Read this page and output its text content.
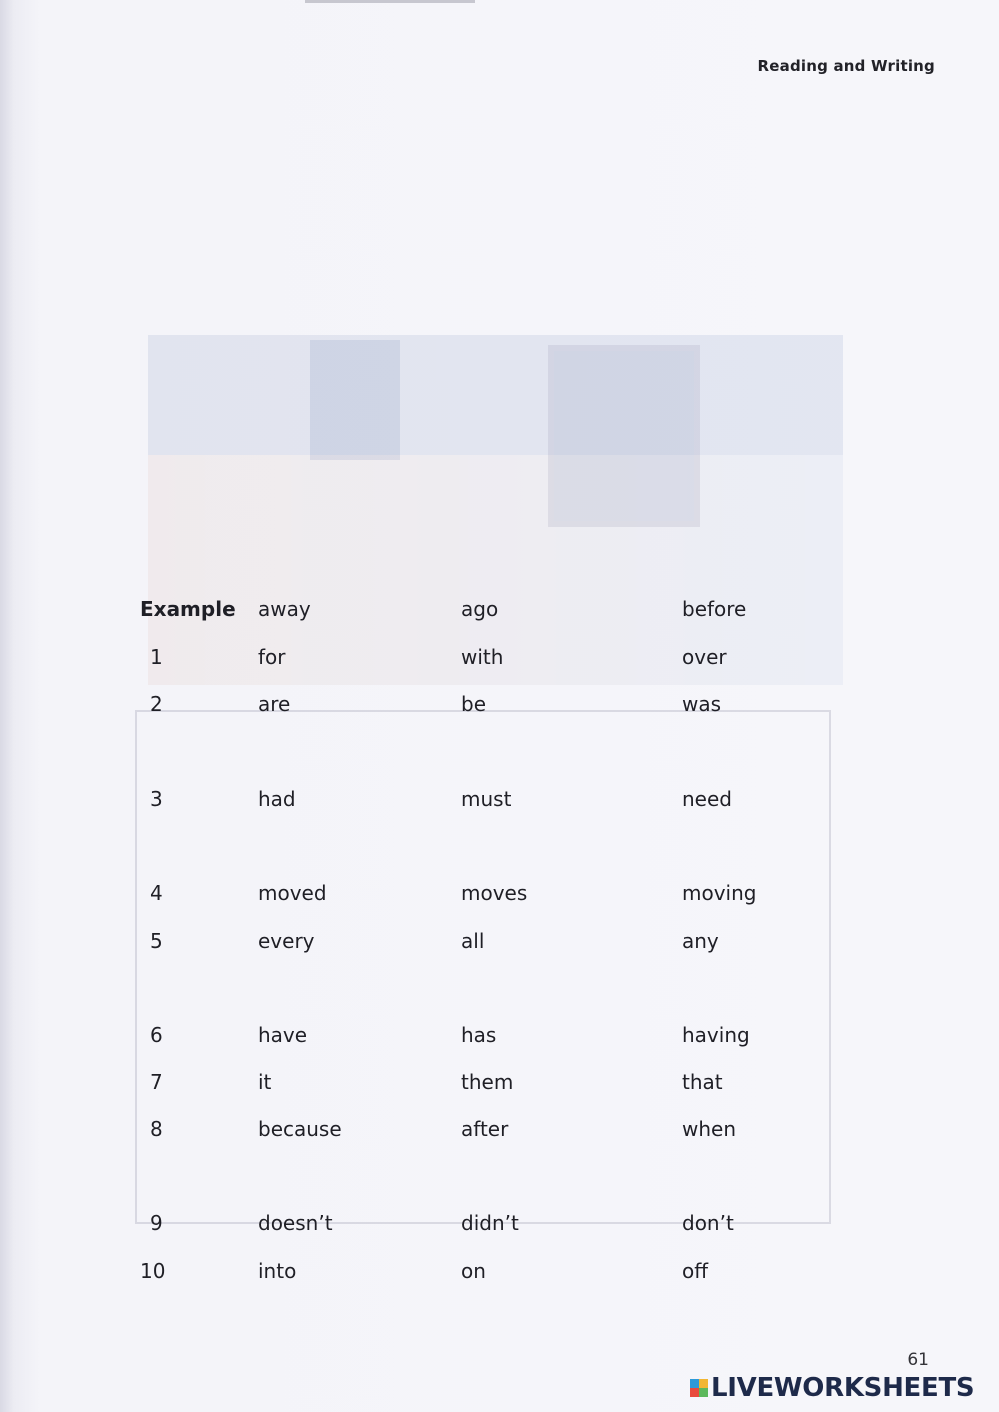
Reading and Writing
Example away	ago	before
1	for	with	over
2	are	be	was
3	had	must	need
4	moved	moves	moving
5	every	all	any
6	have	has	having
7	it	them	that
8	because	after	when
9	doesn’t	didn’t	don’t
10	into	on	off
61
LIVEWORKSHEETS
